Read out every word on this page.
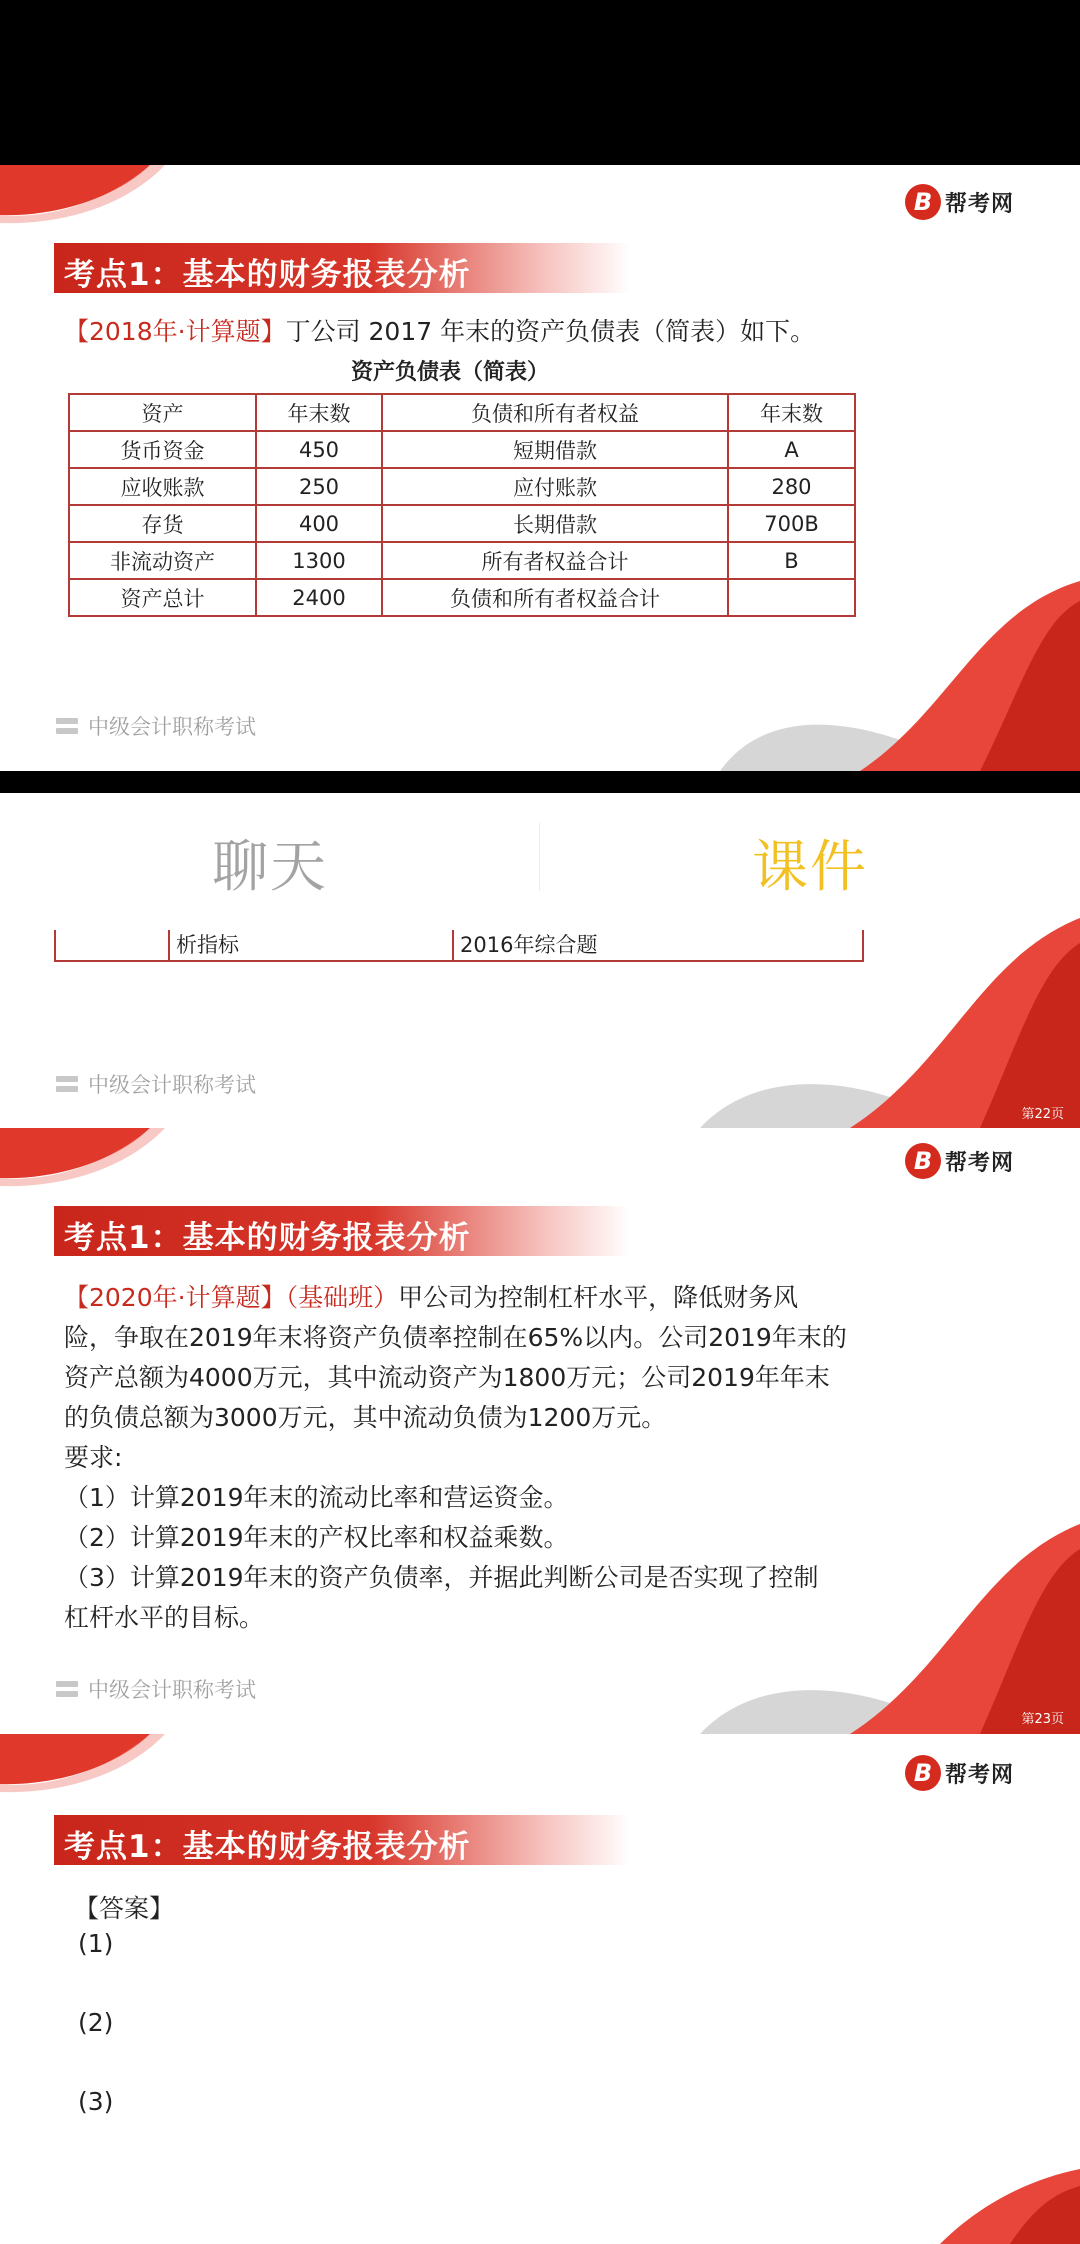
B 帮考网
考点1：基本的财务报表分析
【2018年·计算题】丁公司 2017 年末的资产负债表（简表）如下。
资产负债表（简表）
资产	年末数	负债和所有者权益	年末数
货币资金	450	短期借款	A
应收账款	250	应付账款	280
存货	400	长期借款	700B
非流动资产	1300	所有者权益合计	B
资产总计	2400	负债和所有者权益合计	
中级会计职称考试
聊天	课件
析指标	2016年综合题
中级会计职称考试
第22页
B 帮考网
考点1：基本的财务报表分析
【2020年·计算题】（基础班）甲公司为控制杠杆水平，降低财务风
险，争取在2019年末将资产负债率控制在65%以内。公司2019年末的
资产总额为4000万元，其中流动资产为1800万元；公司2019年年末
的负债总额为3000万元，其中流动负债为1200万元。
要求:
（1）计算2019年末的流动比率和营运资金。
（2）计算2019年末的产权比率和权益乘数。
（3）计算2019年末的资产负债率，并据此判断公司是否实现了控制
杠杆水平的目标。
中级会计职称考试
第23页
B 帮考网
考点1：基本的财务报表分析
【答案】
(1)
(2)
(3)
